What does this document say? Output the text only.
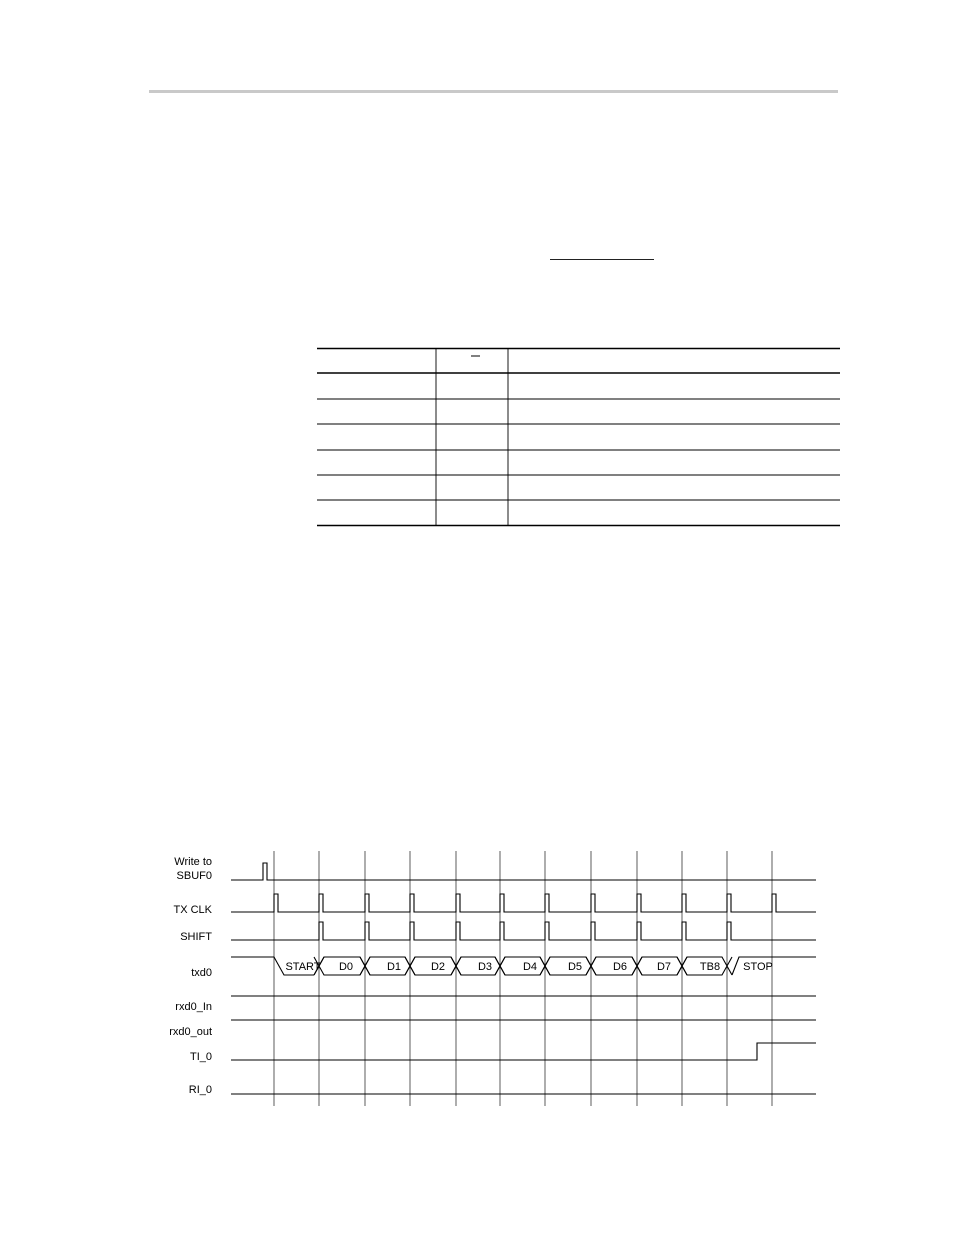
Write to
SBUF0
TX CLK
SHIFT
txd0
rxd0_In
rxd0_out
TI_0
RI_0
START D0	D1	D2	D3	D4	D5	D6	D7	TB8 STOP
